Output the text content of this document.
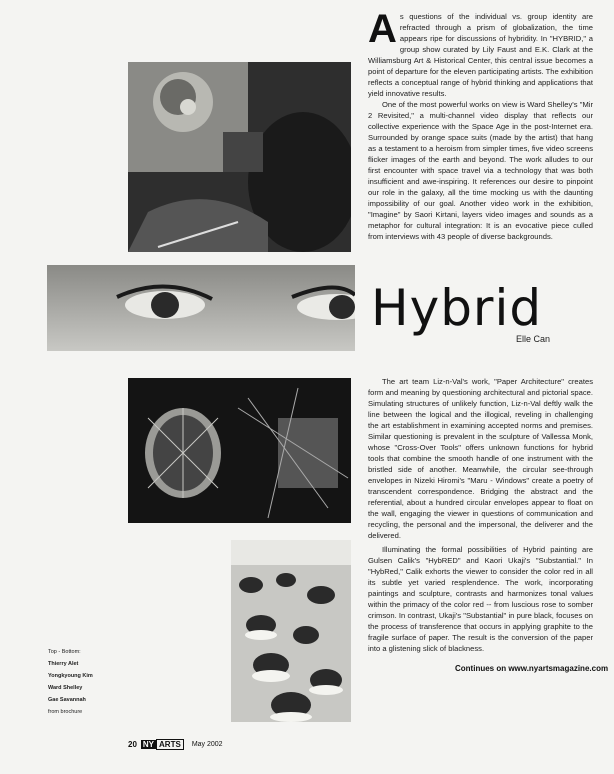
A s questions of the individual vs. group identity are refracted through a prism of globalization, the time appears ripe for discussions of hybridity. In "HYBRID," a group show curated by Lily Faust and E.K. Clark at the Williamsburg Art & Historical Center, this central issue becomes a point of departure for the eleven participating artists. The exhibition reflects a conceptual range of hybrid thinking and applications that yield innovative results.

One of the most powerful works on view is Ward Shelley's "Mir 2 Revisited," a multi-channel video display that reflects our collective experience with the Space Age in the post-Internet era. Surrounded by orange space suits (made by the artist) that hang as a testament to a heroism from simpler times, five video screens flicker images of the earth and beyond. The work alludes to our first encounter with space travel via a technology that was both insufficient and awe-inspiring. It references our desire to pinpoint our role in the galaxy, all the time mocking us with the daunting impossibility of our goal. Another video work in the exhibition, "Imagine" by Saori Kirtani, layers video images and sounds as a metaphor for cultural integration: It is an evocative piece culled from interviews with 43 people of diverse backgrounds.

Hybrid
Elle Can

The art team Liz-n-Val's work, "Paper Architecture" creates form and meaning by questioning architectural and pictorial space. Simulating structures of unlikely function, Liz-n-Val deftly walk the line between the logical and the illogical, reveling in challenging the art establishment in examining accepted norms and premises. Similar questioning is prevalent in the sculpture of Vallessa Monk, whose "Cross-Over Tools" offers unknown functions for hybrid tools that combine the smooth handle of one instrument with the bristled side of another. Meanwhile, the circular see-through envelopes in Nizeki Hiromi's "Maru - Windows" create a poetry of transcendent correspondence. Bridging the abstract and the referential, about a hundred circular envelopes appear to float on the wall, engaging the viewer in questions of communication and recycling, the personal and the impersonal, the deliverer and the delivered.

Illuminating the formal possibilities of Hybrid painting are Gulsen Calik's "HybRED" and Kaori Ukaji's "Substantial." In "HybRed," Calik exhorts the viewer to consider the color red in all its subtle yet varied resplendence. The work, incorporating paintings and sculpture, contrasts and harmonizes tonal values within the primacy of the color red -- from luscious rose to somber crimson. In contrast, Ukaji's "Substantial" in pure black, focuses on the process of transference that occurs in applying graphite to the fragile surface of paper. The result is the conversion of the paper into a glistening slick of blackness.

Continues on www.nyartsmagazine.com
Top - Bottom:
Thierry Alet
Yongkyoung Kim
Ward Shelley
Gae Savannah
from brochure
20 NY ARTS	May 2002
